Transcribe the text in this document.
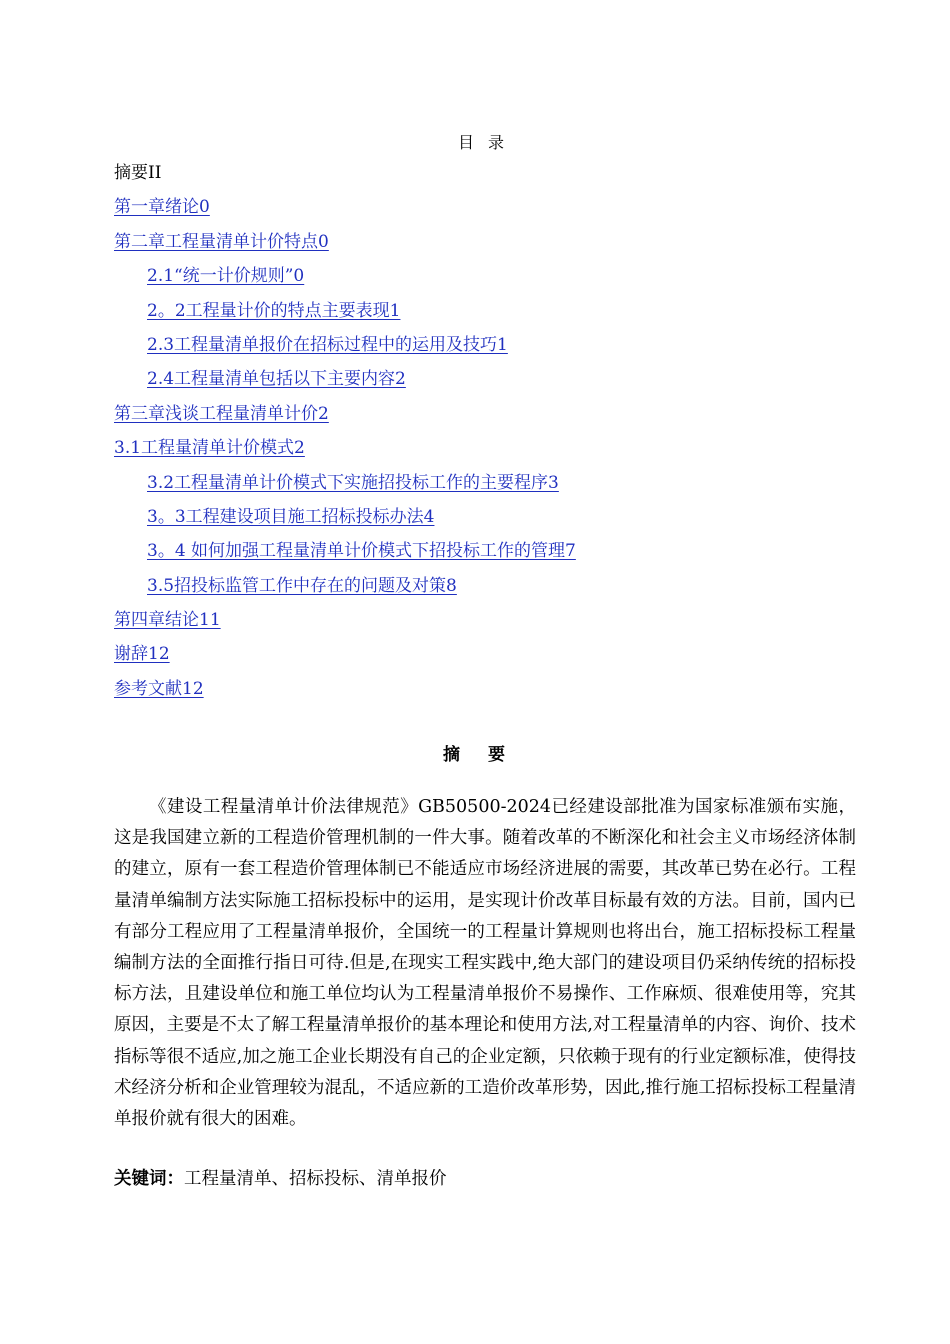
目录
摘要II
第一章绪论0
第二章工程量清单计价特点0
2.1“统一计价规则”0
2。2工程量计价的特点主要表现1
2.3工程量清单报价在招标过程中的运用及技巧1
2.4工程量清单包括以下主要内容2
第三章浅谈工程量清单计价2
3.1工程量清单计价模式2
3.2工程量清单计价模式下实施招投标工作的主要程序3
3。3工程建设项目施工招标投标办法4
3。4 如何加强工程量清单计价模式下招投标工作的管理7
3.5招投标监管工作中存在的问题及对策8
第四章结论11
谢辞12
参考文献12
摘要

《建设工程量清单计价法律规范》GB50500-2024已经建设部批准为国家标准颁布实施，这是我国建立新的工程造价管理机制的一件大事。随着改革的不断深化和社会主义市场经济体制的建立，原有一套工程造价管理体制已不能适应市场经济进展的需要，其改革已势在必行。工程量清单编制方法实际施工招标投标中的运用，是实现计价改革目标最有效的方法。目前，国内已有部分工程应用了工程量清单报价，全国统一的工程量计算规则也将出台，施工招标投标工程量编制方法的全面推行指日可待.但是,在现实工程实践中,绝大部门的建设项目仍采纳传统的招标投标方法，且建设单位和施工单位均认为工程量清单报价不易操作、工作麻烦、很难使用等，究其原因，主要是不太了解工程量清单报价的基本理论和使用方法,对工程量清单的内容、询价、技术指标等很不适应,加之施工企业长期没有自己的企业定额，只依赖于现有的行业定额标准，使得技术经济分析和企业管理较为混乱，不适应新的工造价改革形势，因此,推行施工招标投标工程量清单报价就有很大的困难。

关键词：工程量清单、招标投标、清单报价
